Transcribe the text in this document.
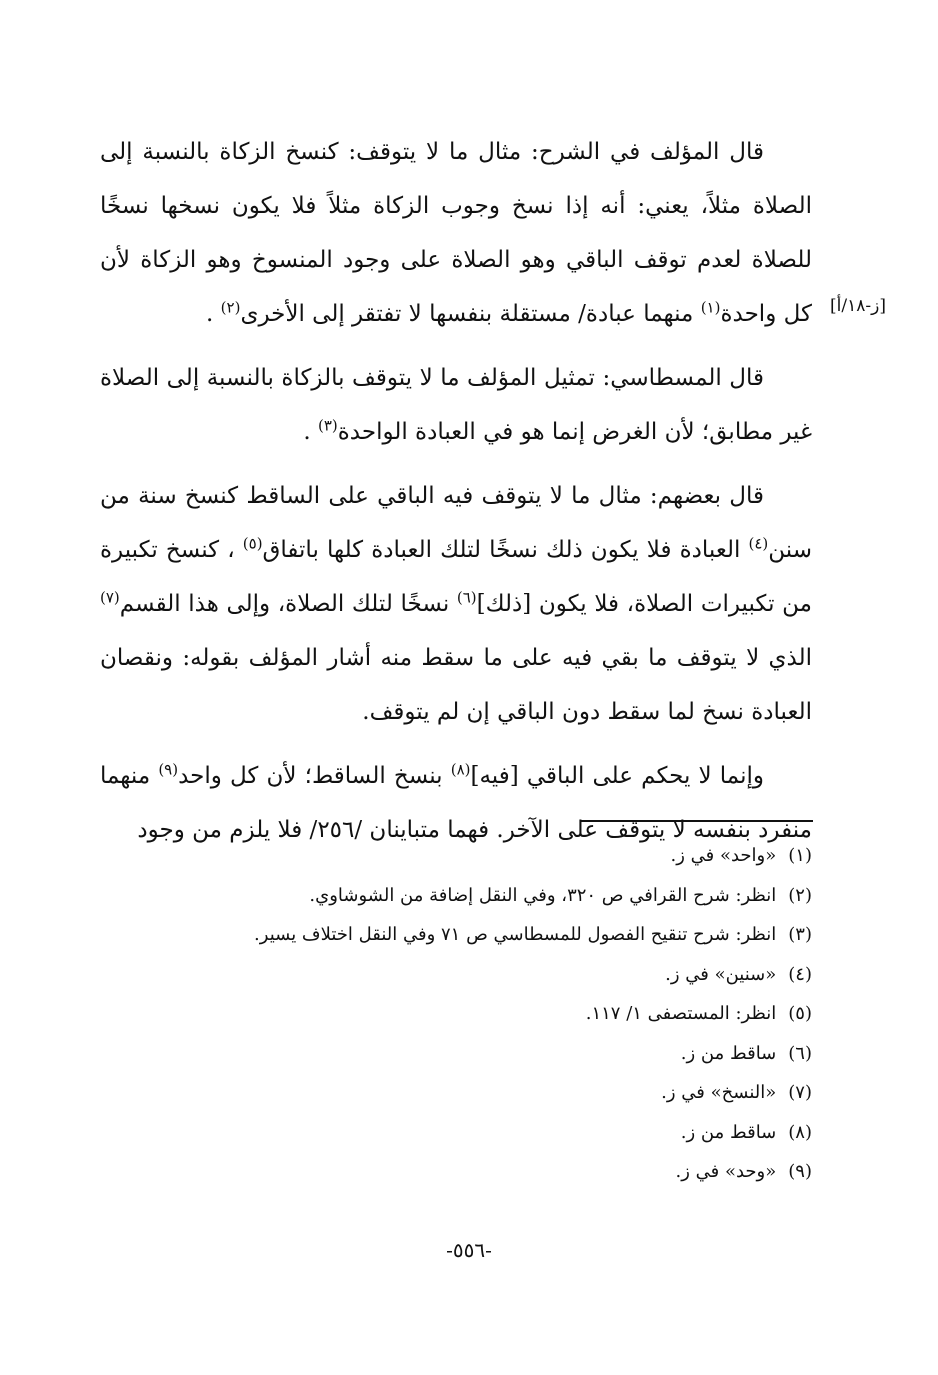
[ز-١٨/أ]

قال المؤلف في الشرح: مثال ما لا يتوقف: كنسخ الزكاة بالنسبة إلى الصلاة مثلاً، يعني: أنه إذا نسخ وجوب الزكاة مثلاً فلا يكون نسخها نسخًا للصلاة لعدم توقف الباقي وهو الصلاة على وجود المنسوخ وهو الزكاة لأن كل واحدة$^{(١)}$ منهما عبادة/ مستقلة بنفسها لا تفتقر إلى الأخرى$^{(٢)}$ .

قال المسطاسي: تمثيل المؤلف ما لا يتوقف بالزكاة بالنسبة إلى الصلاة غير مطابق؛ لأن الغرض إنما هو في العبادة الواحدة$^{(٣)}$ .

قال بعضهم: مثال ما لا يتوقف فيه الباقي على الساقط كنسخ سنة من سنن$^{(٤)}$ العبادة فلا يكون ذلك نسخًا لتلك العبادة كلها باتفاق$^{(٥)}$ ، كنسخ تكبيرة من تكبيرات الصلاة، فلا يكون [ذلك]$^{(٦)}$ نسخًا لتلك الصلاة، وإلى هذا القسم$^{(٧)}$ الذي لا يتوقف ما بقي فيه على ما سقط منه أشار المؤلف بقوله: ونقصان العبادة نسخ لما سقط دون الباقي إن لم يتوقف.

وإنما لا يحكم على الباقي [فيه]$^{(٨)}$ بنسخ الساقط؛ لأن كل واحد$^{(٩)}$ منهما منفرد بنفسه لا يتوقف على الآخر. فهما متباينان /٢٥٦/ فلا يلزم من وجود

(١)«واحد» في ز.
(٢)انظر: شرح القرافي ص ٣٢٠، وفي النقل إضافة من الشوشاوي.
(٣)انظر: شرح تنقيح الفصول للمسطاسي ص ٧١ وفي النقل اختلاف يسير.
(٤)«سنين» في ز.
(٥)انظر: المستصفى ١/ ١١٧.
(٦)ساقط من ز.
(٧)«النسخ» في ز.
(٨)ساقط من ز.
(٩)«وحد» في ز.
-٥٥٦-
